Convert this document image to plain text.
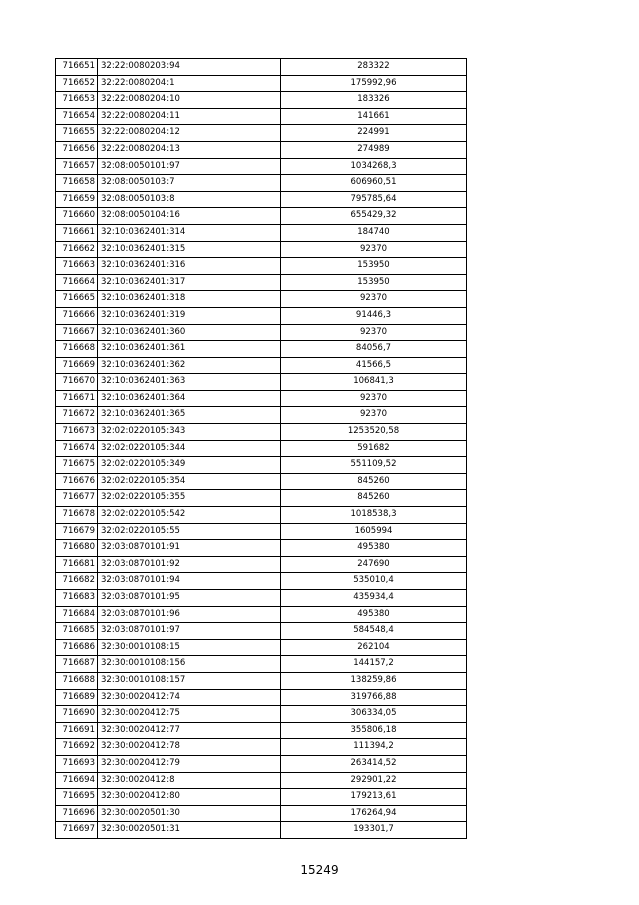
716651	32:22:0080203:94	283322
716652	32:22:0080204:1	175992,96
716653	32:22:0080204:10	183326
716654	32:22:0080204:11	141661
716655	32:22:0080204:12	224991
716656	32:22:0080204:13	274989
716657	32:08:0050101:97	1034268,3
716658	32:08:0050103:7	606960,51
716659	32:08:0050103:8	795785,64
716660	32:08:0050104:16	655429,32
716661	32:10:0362401:314	184740
716662	32:10:0362401:315	92370
716663	32:10:0362401:316	153950
716664	32:10:0362401:317	153950
716665	32:10:0362401:318	92370
716666	32:10:0362401:319	91446,3
716667	32:10:0362401:360	92370
716668	32:10:0362401:361	84056,7
716669	32:10:0362401:362	41566,5
716670	32:10:0362401:363	106841,3
716671	32:10:0362401:364	92370
716672	32:10:0362401:365	92370
716673	32:02:0220105:343	1253520,58
716674	32:02:0220105:344	591682
716675	32:02:0220105:349	551109,52
716676	32:02:0220105:354	845260
716677	32:02:0220105:355	845260
716678	32:02:0220105:542	1018538,3
716679	32:02:0220105:55	1605994
716680	32:03:0870101:91	495380
716681	32:03:0870101:92	247690
716682	32:03:0870101:94	535010,4
716683	32:03:0870101:95	435934,4
716684	32:03:0870101:96	495380
716685	32:03:0870101:97	584548,4
716686	32:30:0010108:15	262104
716687	32:30:0010108:156	144157,2
716688	32:30:0010108:157	138259,86
716689	32:30:0020412:74	319766,88
716690	32:30:0020412:75	306334,05
716691	32:30:0020412:77	355806,18
716692	32:30:0020412:78	111394,2
716693	32:30:0020412:79	263414,52
716694	32:30:0020412:8	292901,22
716695	32:30:0020412:80	179213,61
716696	32:30:0020501:30	176264,94
716697	32:30:0020501:31	193301,7
15249
